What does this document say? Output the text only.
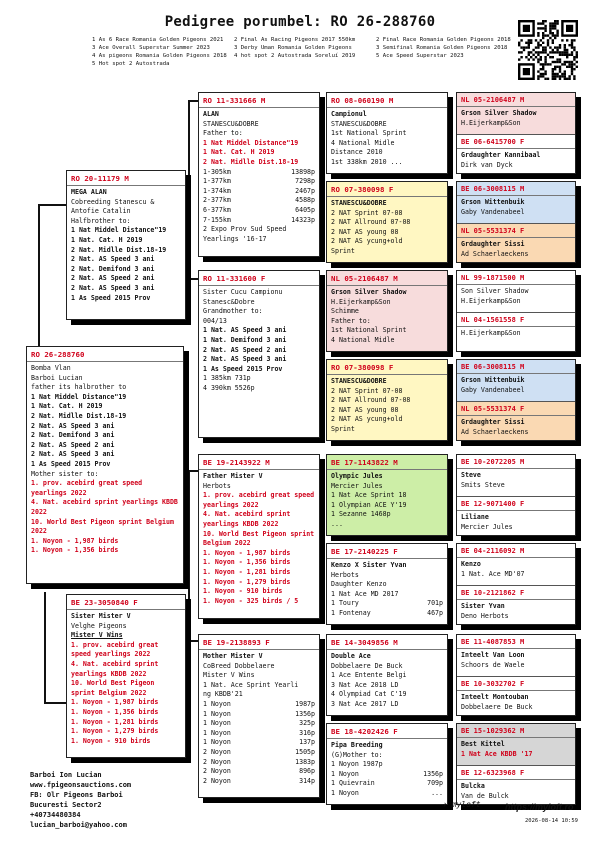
Pedigree porumbel: RO 26-288760
1 As 6 Race Romania Golden Pigeons 2021	2 Final As Racing Pigeons 2017 550km	2 Final Race Romania Golden Pigeons 2018
3 Ace Overall Superstar Summer 2023	3 Derby Uman Romania Golden Pigeons	3 Semifinal Romania Golden Pigeons 2018
4 As pigeons Romania Golden Pigeons 2018 4 hot spot 2 Autostrada Soreluí 2019	5 Ace Speed Superstar 2023
5 Hot spot 2 Autostrada
RO 26-288760
Bomba Vlan
Barboi Lucian
father its halbrother to
1 Nat Middel Distance"19
1 Nat. Cat. H 2019
2 Nat. Midlle Dist.18-19
2 Nat. AS Speed 3 ani
2 Nat. Demifond 3 ani
2 Nat. AS Speed 2 ani
2 Nat. AS Speed 3 ani
1 As Speed 2015 Prov
Mother sister to:
1. prov. acebird great speed yearlings 2022
4. Nat. acebird sprint yearlings KBDB 2022
10. World Best Pigeon sprint Belgium 2022
1. Noyon - 1,987 birds
1. Noyon - 1,356 birds
RO 20-11179 M
MEGA ALAN
Cobreeding Stanescu &
Antofie Catalin
Halfbrother to:
1 Nat Middel Distance"19
1 Nat. Cat. H 2019
2 Nat. Midlle Dist.18-19
2 Nat. AS Speed 3 ani
2 Nat. Demifond 3 ani
2 Nat. AS Speed 2 ani
2 Nat. AS Speed 3 ani
1 As Speed 2015 Prov
BE 23-3050840 F
Sister Mister V
Velghe Pigeons
Mister V Wins
1. prov. acebird great speed yearlings 2022
4. Nat. acebird sprint yearlings KBDB 2022
10. World Best Pigeon sprint Belgium 2022
1. Noyon - 1,987 birds
1. Noyon - 1,356 birds
1. Noyon - 1,281 birds
1. Noyon - 1,279 birds
1. Noyon - 910 birds
RO 11-331666 M
ALAN
STANESCU&DOBRE
Father to:
1 Nat Middel Distance"19
1 Nat. Cat. H 2019
2 Nat. Midlle Dist.18-19
1-305km	13898p
1-377km	7298p
1-374km	2467p
2-377km	4588p
6-377km	6405p
7-155km	14323p
2 Expo Prov Sud Speed
Yearlings '16-17
RO 11-331600 F
Sister Cucu Campionu
Stanesc&Dobre
Grandmother to:
004/13
1 Nat. AS Speed 3 ani
1 Nat. Demifond 3 ani
2 Nat. AS Speed 2 ani
2 Nat. AS Speed 3 ani
1 As Speed 2015 Prov
1 385km 731p
4 390km 5526p
BE 19-2143922 M
Father Mister V
Herbots
1. prov. acebird great speed yearlings 2022
4. Nat. acebird sprint yearlings KBDB 2022
10. World Best Pigeon sprint Belgium 2022
1. Noyon - 1,987 birds
1. Noyon - 1,356 birds
1. Noyon - 1,281 birds
1. Noyon - 1,279 birds
1. Noyon - 910 birds
1. Noyon - 325 birds / 5
BE 19-2138893 F
Mother Mister V
CoBreed Dobbelaere
Mister V Wins
1 Nat. Ace Sprint Yearli
ng KBDB'21
1 Noyon	1987p
1 Noyon	1356p
1 Noyon	325p
1 Noyon	316p
1 Noyon	137p
2 Noyon	1505p
2 Noyon	1383p
2 Noyon	896p
2 Noyon	314p
RO 08-060190 M
Campionul
STANESCU&DOBRE
1st National Sprint
4 National Midle
Distance 2010
1st 338km 2010 ...
RO 07-380098 F
STANESCU&DOBRE
2 NAT Sprint 07-08
2 NAT Allround 07-08
2 NAT AS young 08
2 NAT AS ycung+old
Sprint
NL 05-2106487 M
Grson Silver Shadow
H.Eijerkamp&Son
Schimme
Father to:
1st National Sprint
4 National Midle
RO 07-380098 F
STANESCU&DOBRE
2 NAT Sprint 07-08
2 NAT Allround 07-08
2 NAT AS young 08
2 NAT AS ycung+old
Sprint
BE 17-1143822 M
Olympic Jules
Mercier Jules
1 Nat Ace Sprint 18
1 Olympian ACE Y'19
1 Sezanne 1468p
...
BE 17-2140225 F
Kenzo X Sister Yvan
Herbots
Daughter Kenzo
1 Nat Ace MD 2017
1 Toury	701p
1 Fontenay	467p
BE 14-3049856 M
Double Ace
Dobbelaere De Buck
1 Ace Entente Belgi
3 Nat Ace 2018 LD
4 Olympiad Cat C'19
3 Nat Ace 2017 LD
BE 18-4202426 F
Pipa Breeding
(G)Mother to:
1 Noyon 1987p
1 Noyon	1356p
1 Quievrain	709p
1 Noyon	...
NL 05-2106487 M
Grson Silver Shadow
H.Eijerkamp&Son
BE 06-6415700 F
Grdaughter Kannibaal
Dirk van Dyck
BE 06-3008115 M
Grson Wittenbuik
Gaby Vandenabeel
NL 05-5531374 F
Grdaughter Sissi
Ad Schaerlaeckens
NL 99-1871500 M
Son Silver Shadow
H.Eijerkamp&Son
NL 04-1561558 F
H.Eijerkamp&Son
BE 06-3008115 M
Grson Wittenbuik
Gaby Vandenabeel
NL 05-5531374 F
Grdaughter Sissi
Ad Schaerlaeckens
BE 10-2072205 M
Steve
Smits Steve
BE 12-9071400 F
Liliane
Mercier Jules
BE 04-2116092 M
Kenzo
1 Nat. Ace MD'07
BE 10-2121862 F
Sister Yvan
Deno Herbots
BE 11-4087853 M
Inteelt Van Loon
Schoors de Waele
BE 10-3032702 F
Inteelt Montouban
Dobbelaere De Buck
BE 15-1029362 M
Best Kittel
1 Nat Ace KBDB '17
BE 12-6323968 F
Bulcka
Van de Bulck
Barboi Ion Lucian
www.fpigeonsauctions.com
FB: Olr Pigeons Barboi
Bucuresti Sector2
+40734480384
lucian_barboi@yahoo.com
✈ myloft	https://myloft.ro
2026-08-14 10:59
